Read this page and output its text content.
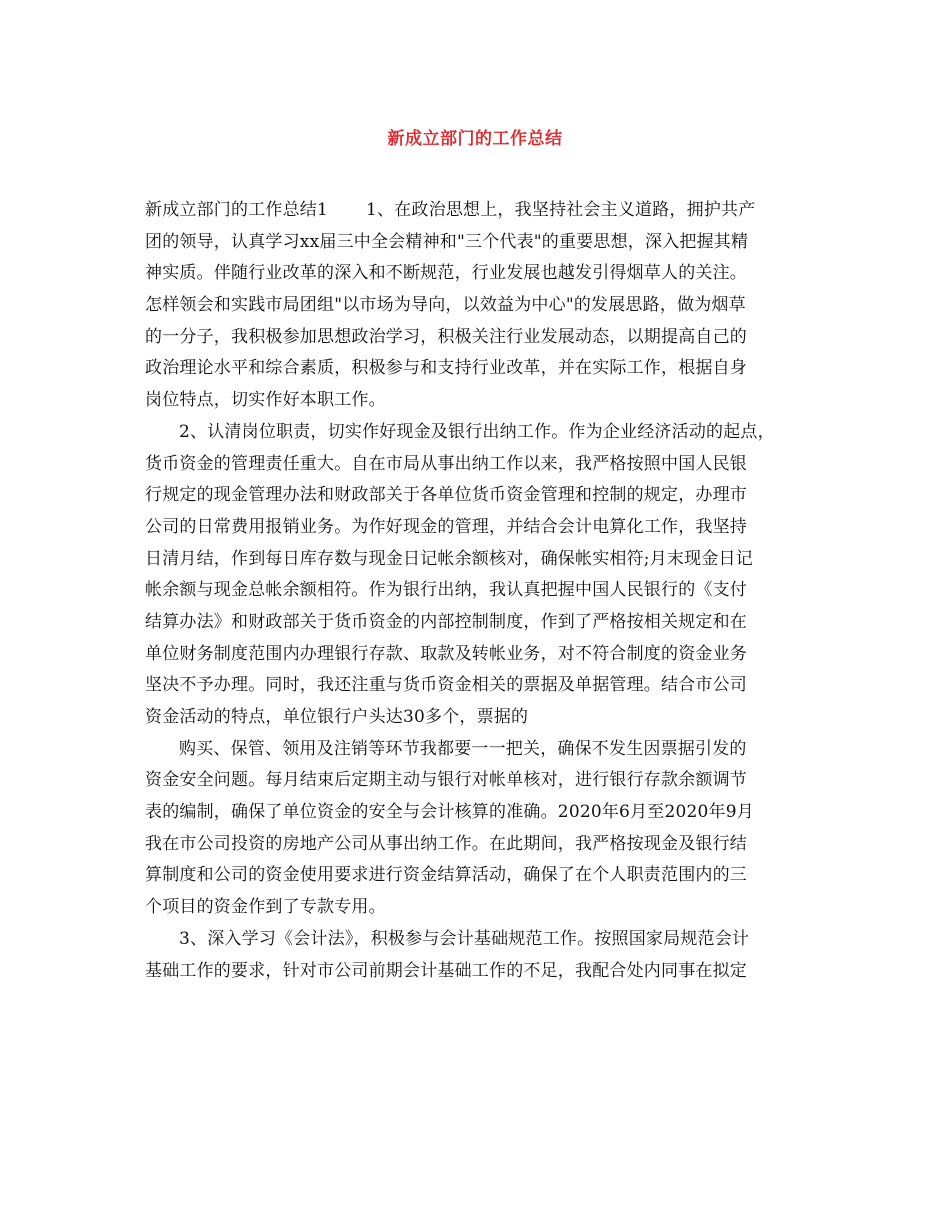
新成立部门的工作总结
新成立部门的工作总结1 1、在政治思想上，我坚持社会主义道路，拥护共产
团的领导，认真学习xx届三中全会精神和"三个代表"的重要思想，深入把握其精
神实质。伴随行业改革的深入和不断规范，行业发展也越发引得烟草人的关注。
怎样领会和实践市局团组"以市场为导向，以效益为中心"的发展思路，做为烟草
的一分子，我积极参加思想政治学习，积极关注行业发展动态，以期提高自己的
政治理论水平和综合素质，积极参与和支持行业改革，并在实际工作，根据自身
岗位特点，切实作好本职工作。
2、认清岗位职责，切实作好现金及银行出纳工作。作为企业经济活动的起点，
货币资金的管理责任重大。自在市局从事出纳工作以来，我严格按照中国人民银
行规定的现金管理办法和财政部关于各单位货币资金管理和控制的规定，办理市
公司的日常费用报销业务。为作好现金的管理，并结合会计电算化工作，我坚持
日清月结，作到每日库存数与现金日记帐余额核对，确保帐实相符;月末现金日记
帐余额与现金总帐余额相符。作为银行出纳，我认真把握中国人民银行的《支付
结算办法》和财政部关于货币资金的内部控制制度，作到了严格按相关规定和在
单位财务制度范围内办理银行存款、取款及转帐业务，对不符合制度的资金业务
坚决不予办理。同时，我还注重与货币资金相关的票据及单据管理。结合市公司
资金活动的特点，单位银行户头达30多个，票据的
购买、保管、领用及注销等环节我都要一一把关，确保不发生因票据引发的
资金安全问题。每月结束后定期主动与银行对帐单核对，进行银行存款余额调节
表的编制，确保了单位资金的安全与会计核算的准确。2020年6月至2020年9月
我在市公司投资的房地产公司从事出纳工作。在此期间，我严格按现金及银行结
算制度和公司的资金使用要求进行资金结算活动，确保了在个人职责范围内的三
个项目的资金作到了专款专用。
3、深入学习《会计法》，积极参与会计基础规范工作。按照国家局规范会计
基础工作的要求，针对市公司前期会计基础工作的不足，我配合处内同事在拟定
